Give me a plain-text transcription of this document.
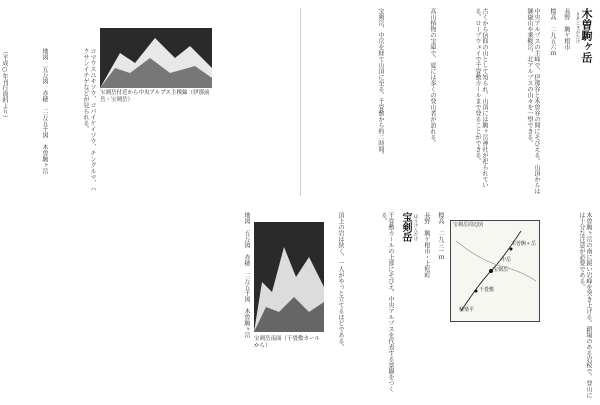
木曽駒ヶ岳
きそこまがたけ
長野　駒ケ根市
標高　二九五六ｍ
中央アルプスの主峰で、伊那谷と木曽谷の間にそびえる。山頂からは御嶽山や乗鞍岳、北アルプスの山々を一望できる。
古くから信仰の山として知られ、山頂には駒ヶ岳神社が祀られている。ロープウェイで千畳敷カールまで登ることができる。
高山植物の宝庫で、夏には多くの登山者が訪れる。
宝剣岳、中岳を経て山頂に至る。千畳敷から約二時間。
宝剣岳付近から中央アルプス主稜線（伊那前岳・宝剣岳）
コマウスユキソウ、コバイケイソウ、チングルマ、ハクサンイチゲなどが見られる。
地図　五万図　赤穂　二万五千図　木曽駒ヶ岳
（平成○年刊行資料より）
宝剣岳 ほうけんだけ 長野　駒ケ根市・上松町	標高　二九三一ｍ 宝剣岳周辺図
宝剣岳
木曽駒ヶ岳
千畳敷
中岳
極楽平	木曽駒ヶ岳の南に鋭い岩峰を突き上げる。鎖場のある岩稜で、登山には十分な注意が必要である。
千畳敷カールの上部にそびえ、中央アルプスを代表する景観をつくる。
頂上の岩は狭く、一人がやっと立てるほどである。
宝剣岳南面（千畳敷カールから）
地図　五万図　赤穂　二万五千図　木曽駒ヶ岳
